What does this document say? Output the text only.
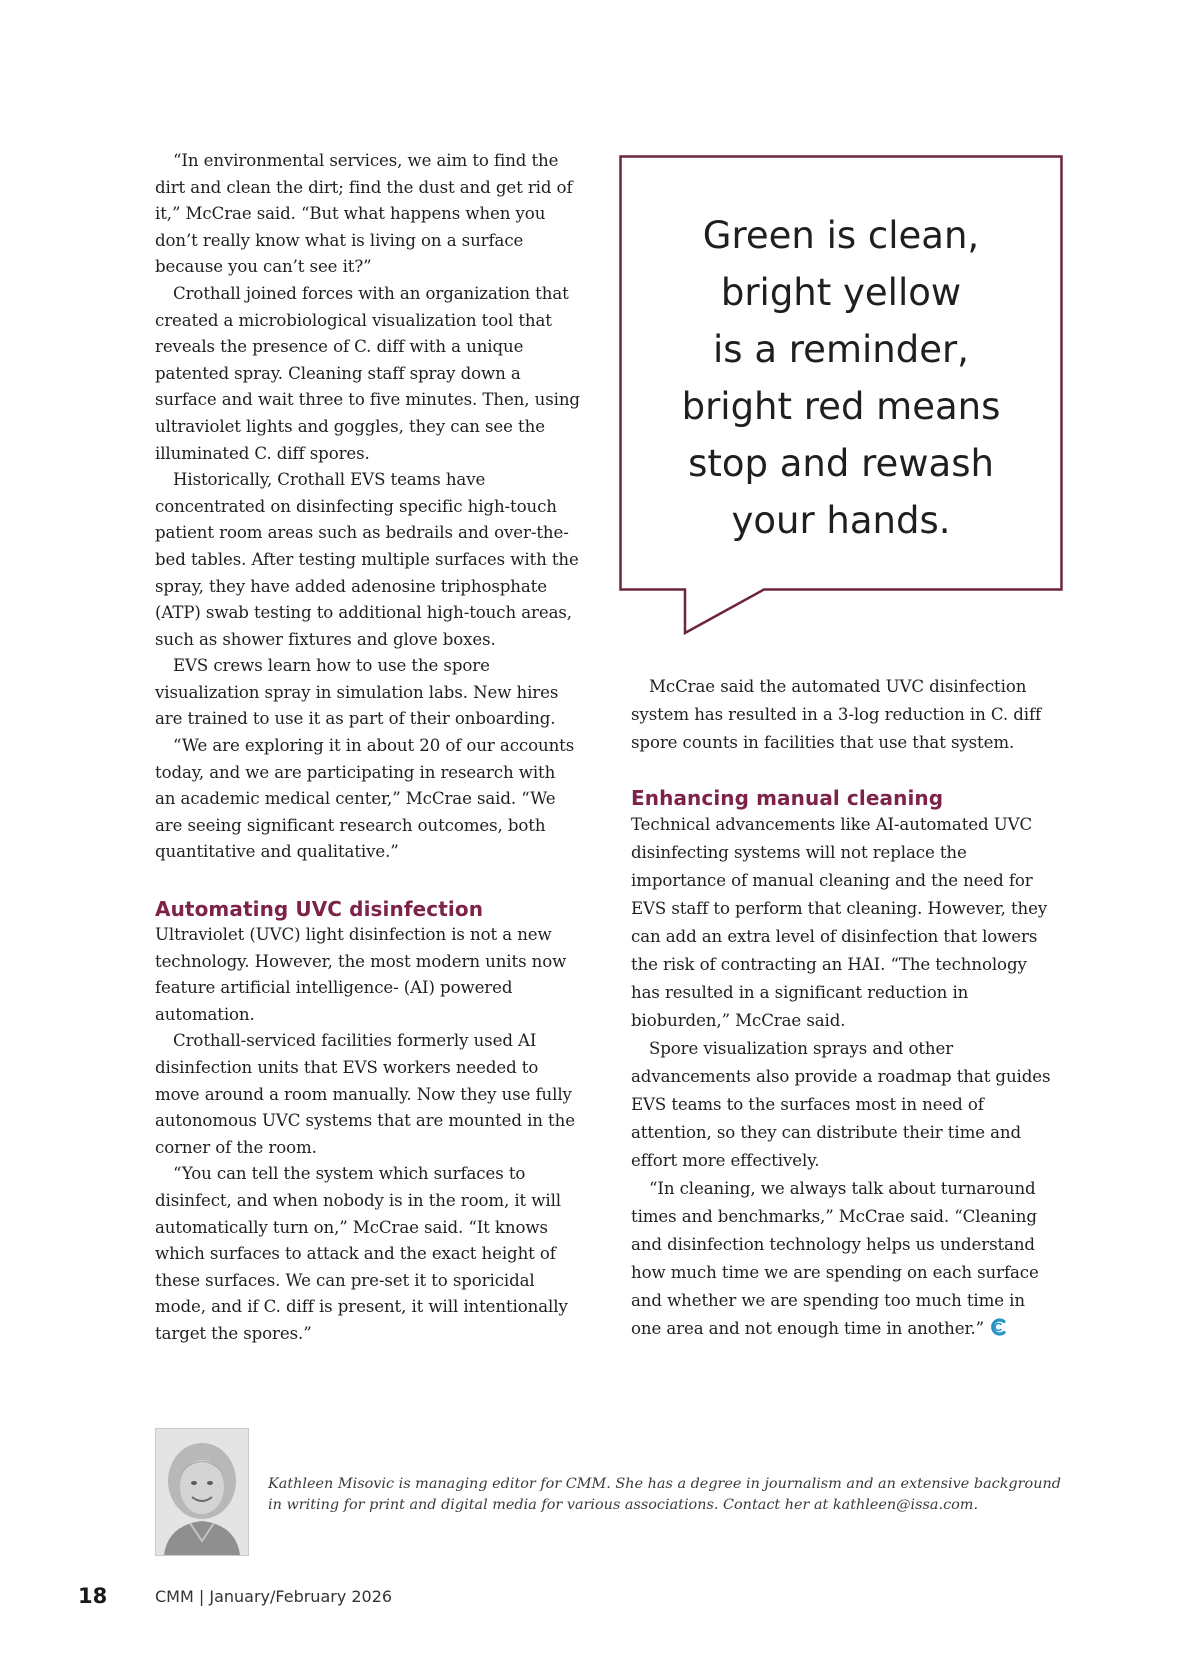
“In environmental services, we aim to find the dirt and clean the dirt; find the dust and get rid of it,” McCrae said. “But what happens when you don’t really know what is living on a surface because you can’t see it?”

Crothall joined forces with an organization that created a microbiological visualization tool that reveals the presence of C. diff with a unique patented spray. Cleaning staff spray down a surface and wait three to five minutes. Then, using ultraviolet lights and goggles, they can see the illuminated C. diff spores.

Historically, Crothall EVS teams have concentrated on disinfecting specific high-touch patient room areas such as bedrails and over-the-bed tables. After testing multiple surfaces with the spray, they have added adenosine triphosphate (ATP) swab testing to additional high-touch areas, such as shower fixtures and glove boxes.

EVS crews learn how to use the spore visualization spray in simulation labs. New hires are trained to use it as part of their onboarding.

“We are exploring it in about 20 of our accounts today, and we are participating in research with an academic medical center,” McCrae said. “We are seeing significant research outcomes, both quantitative and qualitative.”

Automating UVC disinfection

Ultraviolet (UVC) light disinfection is not a new technology. However, the most modern units now feature artificial intelligence- (AI) powered automation.

Crothall-serviced facilities formerly used AI disinfection units that EVS workers needed to move around a room manually. Now they use fully autonomous UVC systems that are mounted in the corner of the room.

“You can tell the system which surfaces to disinfect, and when nobody is in the room, it will automatically turn on,” McCrae said. “It knows which surfaces to attack and the exact height of these surfaces. We can pre-set it to sporicidal mode, and if C. diff is present, it will intentionally target the spores.”

Green is clean,
bright yellow
is a reminder,
bright red means
stop and rewash
your hands.

McCrae said the automated UVC disinfection system has resulted in a 3-log reduction in C. diff spore counts in facilities that use that system.

Enhancing manual cleaning

Technical advancements like AI-automated UVC disinfecting systems will not replace the importance of manual cleaning and the need for EVS staff to perform that cleaning. However, they can add an extra level of disinfection that lowers the risk of contracting an HAI. “The technology has resulted in a significant reduction in bioburden,” McCrae said.

Spore visualization sprays and other advancements also provide a roadmap that guides EVS teams to the surfaces most in need of attention, so they can distribute their time and effort more effectively.

“In cleaning, we always talk about turnaround times and benchmarks,” McCrae said. “Cleaning and disinfection technology helps us understand how much time we are spending on each surface and whether we are spending too much time in one area and not enough time in another.”

Kathleen Misovic is managing editor for CMM. She has a degree in journalism and an extensive background in writing for print and digital media for various associations. Contact her at kathleen@issa.com.

18	CMM | January/February 2026
